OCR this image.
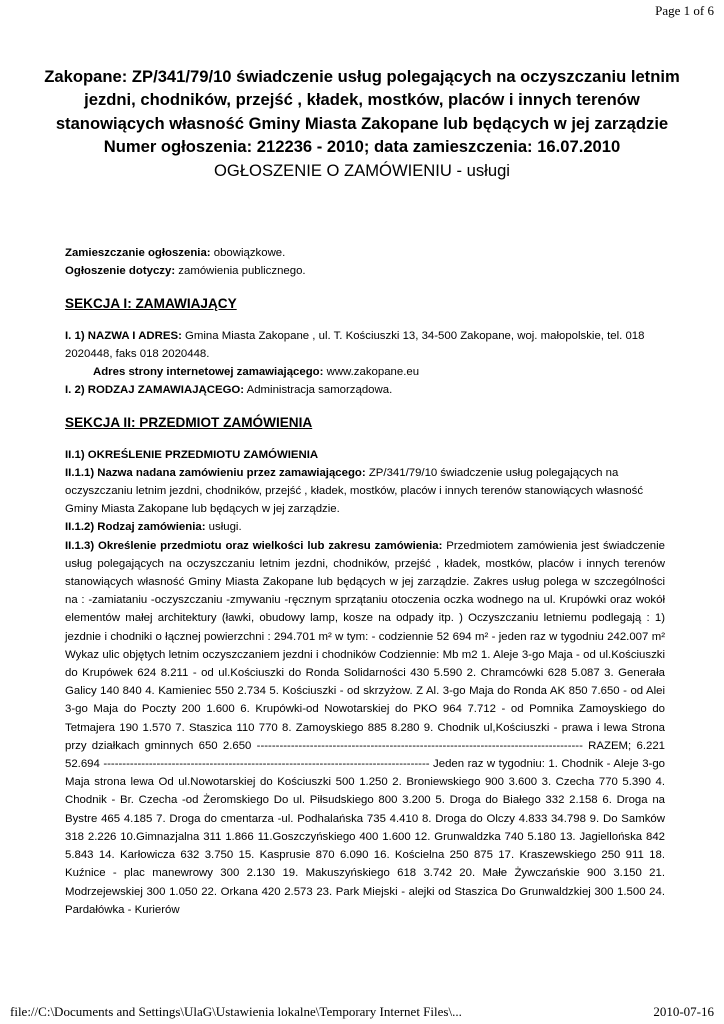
Page 1 of 6
Zakopane: ZP/341/79/10 świadczenie usług polegających na oczyszczaniu letnim jezdni, chodników, przejść , kładek, mostków, placów i innych terenów stanowiących własność Gminy Miasta Zakopane lub będących w jej zarządzie
Numer ogłoszenia: 212236 - 2010; data zamieszczenia: 16.07.2010
OGŁOSZENIE O ZAMÓWIENIU - usługi

Zamieszczanie ogłoszenia: obowiązkowe.

Ogłoszenie dotyczy: zamówienia publicznego.

SEKCJA I: ZAMAWIAJĄCY

I. 1) NAZWA I ADRES: Gmina Miasta Zakopane , ul. T. Kościuszki 13, 34-500 Zakopane, woj. małopolskie, tel. 018 2020448, faks 018 2020448.

Adres strony internetowej zamawiającego: www.zakopane.eu

I. 2) RODZAJ ZAMAWIAJĄCEGO: Administracja samorządowa.

SEKCJA II: PRZEDMIOT ZAMÓWIENIA

II.1) OKREŚLENIE PRZEDMIOTU ZAMÓWIENIA

II.1.1) Nazwa nadana zamówieniu przez zamawiającego: ZP/341/79/10 świadczenie usług polegających na oczyszczaniu letnim jezdni, chodników, przejść , kładek, mostków, placów i innych terenów stanowiących własność Gminy Miasta Zakopane lub będących w jej zarządzie.

II.1.2) Rodzaj zamówienia: usługi.

II.1.3) Określenie przedmiotu oraz wielkości lub zakresu zamówienia: Przedmiotem zamówienia jest świadczenie usług polegających na oczyszczaniu letnim jezdni, chodników, przejść , kładek, mostków, placów i innych terenów stanowiących własność Gminy Miasta Zakopane lub będących w jej zarządzie. Zakres usług polega w szczególności na : -zamiataniu -oczyszczaniu -zmywaniu -ręcznym sprzątaniu otoczenia oczka wodnego na ul. Krupówki oraz wokół elementów małej architektury (ławki, obudowy lamp, kosze na odpady itp. ) Oczyszczaniu letniemu podlegają : 1) jezdnie i chodniki o łącznej powierzchni : 294.701 m² w tym: - codziennie 52 694 m² - jeden raz w tygodniu 242.007 m² Wykaz ulic objętych letnim oczyszczaniem jezdni i chodników Codziennie: Mb m2 1. Aleje 3-go Maja - od ul.Kościuszki do Krupówek 624 8.211 - od ul.Kościuszki do Ronda Solidarności 430 5.590 2. Chramcówki 628 5.087 3. Generała Galicy 140 840 4. Kamieniec 550 2.734 5. Kościuszki - od skrzyżow. Z Al. 3-go Maja do Ronda AK 850 7.650 - od Alei 3-go Maja do Poczty 200 1.600 6. Krupówki-od Nowotarskiej do PKO 964 7.712 - od Pomnika Zamoyskiego do Tetmajera 190 1.570 7. Staszica 110 770 8. Zamoyskiego 885 8.280 9. Chodnik ul,Kościuszki - prawa i lewa Strona przy działkach gminnych 650 2.650 -------------------------------------------------------------------------------------- RAZEM; 6.221 52.694 -------------------------------------------------------------------------------------- Jeden raz w tygodniu: 1. Chodnik - Aleje 3-go Maja strona lewa Od ul.Nowotarskiej do Kościuszki 500 1.250 2. Broniewskiego 900 3.600 3. Czecha 770 5.390 4. Chodnik - Br. Czecha -od Żeromskiego Do ul. Piłsudskiego 800 3.200 5. Droga do Białego 332 2.158 6. Droga na Bystre 465 4.185 7. Droga do cmentarza -ul. Podhalańska 735 4.410 8. Droga do Olczy 4.833 34.798 9. Do Samków 318 2.226 10.Gimnazjalna 311 1.866 11.Goszczyńskiego 400 1.600 12. Grunwaldzka 740 5.180 13. Jagiellońska 842 5.843 14. Karłowicza 632 3.750 15. Kasprusie 870 6.090 16. Kościelna 250 875 17. Kraszewskiego 250 911 18. Kuźnice - plac manewrowy 300 2.130 19. Makuszyńskiego 618 3.742 20. Małe Żywczańskie 900 3.150 21. Modrzejewskiej 300 1.050 22. Orkana 420 2.573 23. Park Miejski - alejki od Staszica Do Grunwaldzkiej 300 1.500 24. Pardałówka - Kurierów

file://C:\Documents and Settings\UlaG\Ustawienia lokalne\Temporary Internet Files\...	2010-07-16
